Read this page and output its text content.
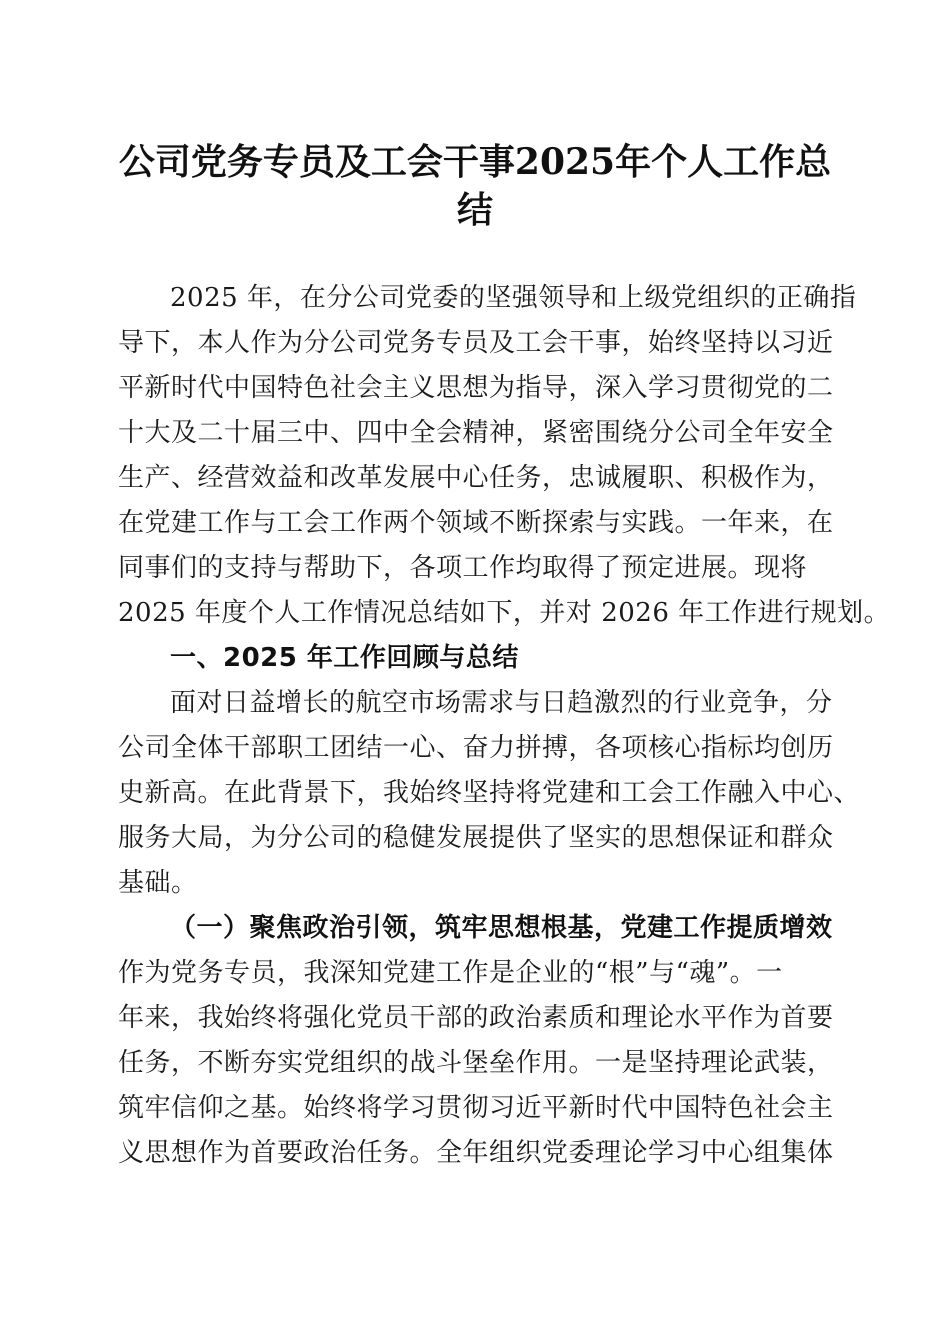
公司党务专员及工会干事2025年个人工作总结
2025 年，在分公司党委的坚强领导和上级党组织的正确指
导下，本人作为分公司党务专员及工会干事，始终坚持以习近
平新时代中国特色社会主义思想为指导，深入学习贯彻党的二
十大及二十届三中、四中全会精神，紧密围绕分公司全年安全
生产、经营效益和改革发展中心任务，忠诚履职、积极作为，
在党建工作与工会工作两个领域不断探索与实践。一年来，在
同事们的支持与帮助下，各项工作均取得了预定进展。现将
2025 年度个人工作情况总结如下，并对 2026 年工作进行规划。
一、2025 年工作回顾与总结
面对日益增长的航空市场需求与日趋激烈的行业竞争，分
公司全体干部职工团结一心、奋力拼搏，各项核心指标均创历
史新高。在此背景下，我始终坚持将党建和工会工作融入中心、
服务大局，为分公司的稳健发展提供了坚实的思想保证和群众
基础。
（一）聚焦政治引领，筑牢思想根基，党建工作提质增效
作为党务专员，我深知党建工作是企业的“根”与“魂”。一
年来，我始终将强化党员干部的政治素质和理论水平作为首要
任务，不断夯实党组织的战斗堡垒作用。一是坚持理论武装，
筑牢信仰之基。始终将学习贯彻习近平新时代中国特色社会主
义思想作为首要政治任务。全年组织党委理论学习中心组集体
